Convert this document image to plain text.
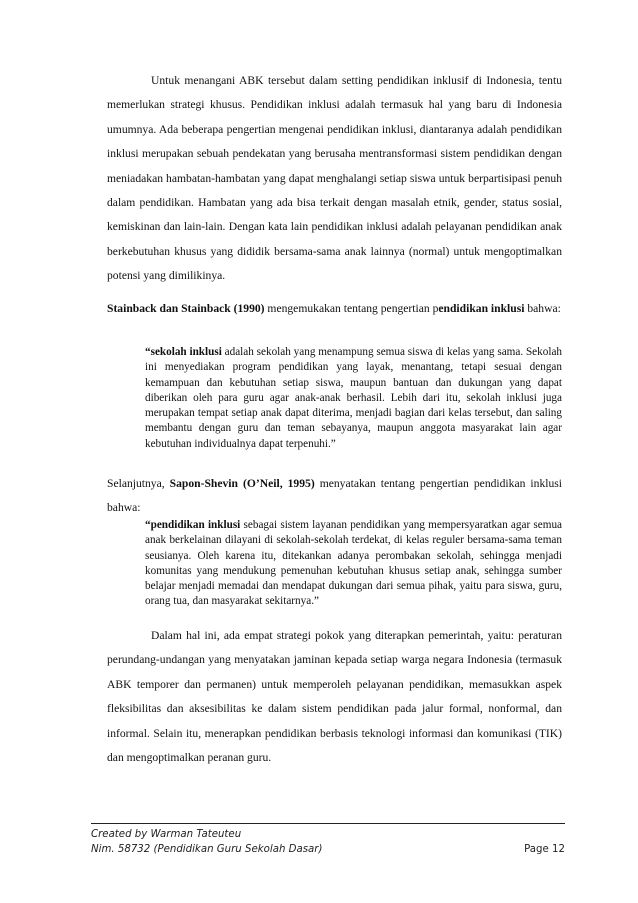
Untuk menangani ABK tersebut dalam setting pendidikan inklusif di Indonesia, tentu memerlukan strategi khusus. Pendidikan inklusi adalah termasuk hal yang baru di Indonesia umumnya. Ada beberapa pengertian mengenai pendidikan inklusi, diantaranya adalah pendidikan inklusi merupakan sebuah pendekatan yang berusaha mentransformasi sistem pendidikan dengan meniadakan hambatan-hambatan yang dapat menghalangi setiap siswa untuk berpartisipasi penuh dalam pendidikan. Hambatan yang ada bisa terkait dengan masalah etnik, gender, status sosial, kemiskinan dan lain-lain. Dengan kata lain pendidikan inklusi adalah pelayanan pendidikan anak berkebutuhan khusus yang dididik bersama-sama anak lainnya (normal) untuk mengoptimalkan potensi yang dimilikinya.

Stainback dan Stainback (1990) mengemukakan tentang pengertian pendidikan inklusi bahwa:

“sekolah inklusi adalah sekolah yang menampung semua siswa di kelas yang sama. Sekolah ini menyediakan program pendidikan yang layak, menantang, tetapi sesuai dengan kemampuan dan kebutuhan setiap siswa, maupun bantuan dan dukungan yang dapat diberikan oleh para guru agar anak-anak berhasil. Lebih dari itu, sekolah inklusi juga merupakan tempat setiap anak dapat diterima, menjadi bagian dari kelas tersebut, dan saling membantu dengan guru dan teman sebayanya, maupun anggota masyarakat lain agar kebutuhan individualnya dapat terpenuhi.”

Selanjutnya, Sapon-Shevin (O’Neil, 1995) menyatakan tentang pengertian pendidikan inklusi bahwa:

“pendidikan inklusi sebagai sistem layanan pendidikan yang mempersyaratkan agar semua anak berkelainan dilayani di sekolah-sekolah terdekat, di kelas reguler bersama-sama teman seusianya. Oleh karena itu, ditekankan adanya perombakan sekolah, sehingga menjadi komunitas yang mendukung pemenuhan kebutuhan khusus setiap anak, sehingga sumber belajar menjadi memadai dan mendapat dukungan dari semua pihak, yaitu para siswa, guru, orang tua, dan masyarakat sekitarnya.”

Dalam hal ini, ada empat strategi pokok yang diterapkan pemerintah, yaitu: peraturan perundang-undangan yang menyatakan jaminan kepada setiap warga negara Indonesia (termasuk ABK temporer dan permanen) untuk memperoleh pelayanan pendidikan, memasukkan aspek fleksibilitas dan aksesibilitas ke dalam sistem pendidikan pada jalur formal, nonformal, dan informal. Selain itu, menerapkan pendidikan berbasis teknologi informasi dan komunikasi (TIK) dan mengoptimalkan peranan guru.

Created by Warman Tateuteu
Nim. 58732 (Pendidikan Guru Sekolah Dasar)	Page 12
